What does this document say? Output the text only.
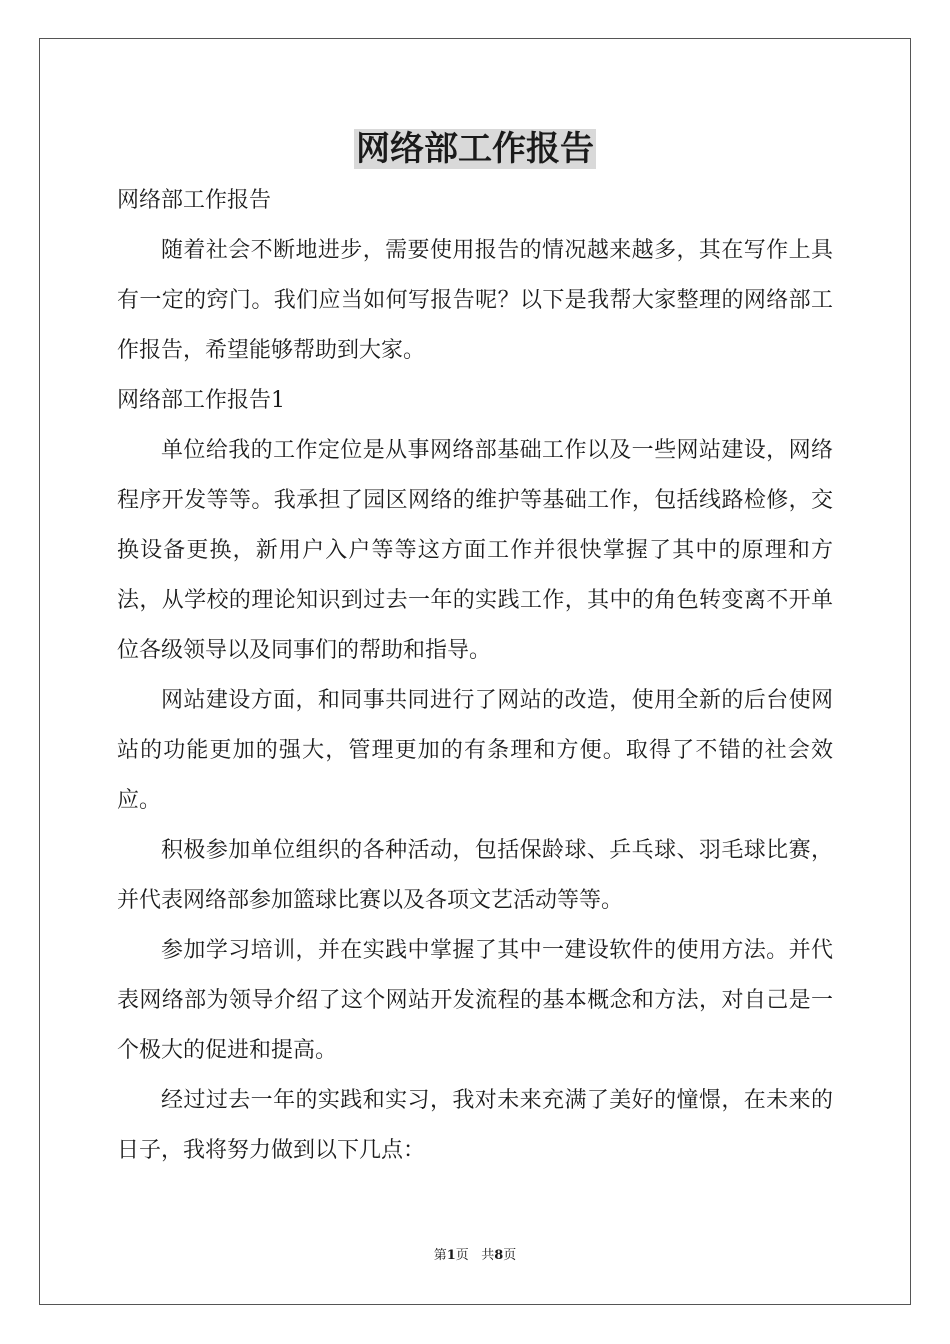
网络部工作报告

网络部工作报告

随着社会不断地进步，需要使用报告的情况越来越多，其在写作上具有一定的窍门。我们应当如何写报告呢？以下是我帮大家整理的网络部工作报告，希望能够帮助到大家。

网络部工作报告1

单位给我的工作定位是从事网络部基础工作以及一些网站建设，网络程序开发等等。我承担了园区网络的维护等基础工作，包括线路检修，交换设备更换，新用户入户等等这方面工作并很快掌握了其中的原理和方法，从学校的理论知识到过去一年的实践工作，其中的角色转变离不开单位各级领导以及同事们的帮助和指导。

网站建设方面，和同事共同进行了网站的改造，使用全新的后台使网站的功能更加的强大，管理更加的有条理和方便。取得了不错的社会效应。

积极参加单位组织的各种活动，包括保龄球、乒乓球、羽毛球比赛，并代表网络部参加篮球比赛以及各项文艺活动等等。

参加学习培训，并在实践中掌握了其中一建设软件的使用方法。并代表网络部为领导介绍了这个网站开发流程的基本概念和方法，对自己是一个极大的促进和提高。

经过过去一年的实践和实习，我对未来充满了美好的憧憬，在未来的日子，我将努力做到以下几点：

第1页 共8页
